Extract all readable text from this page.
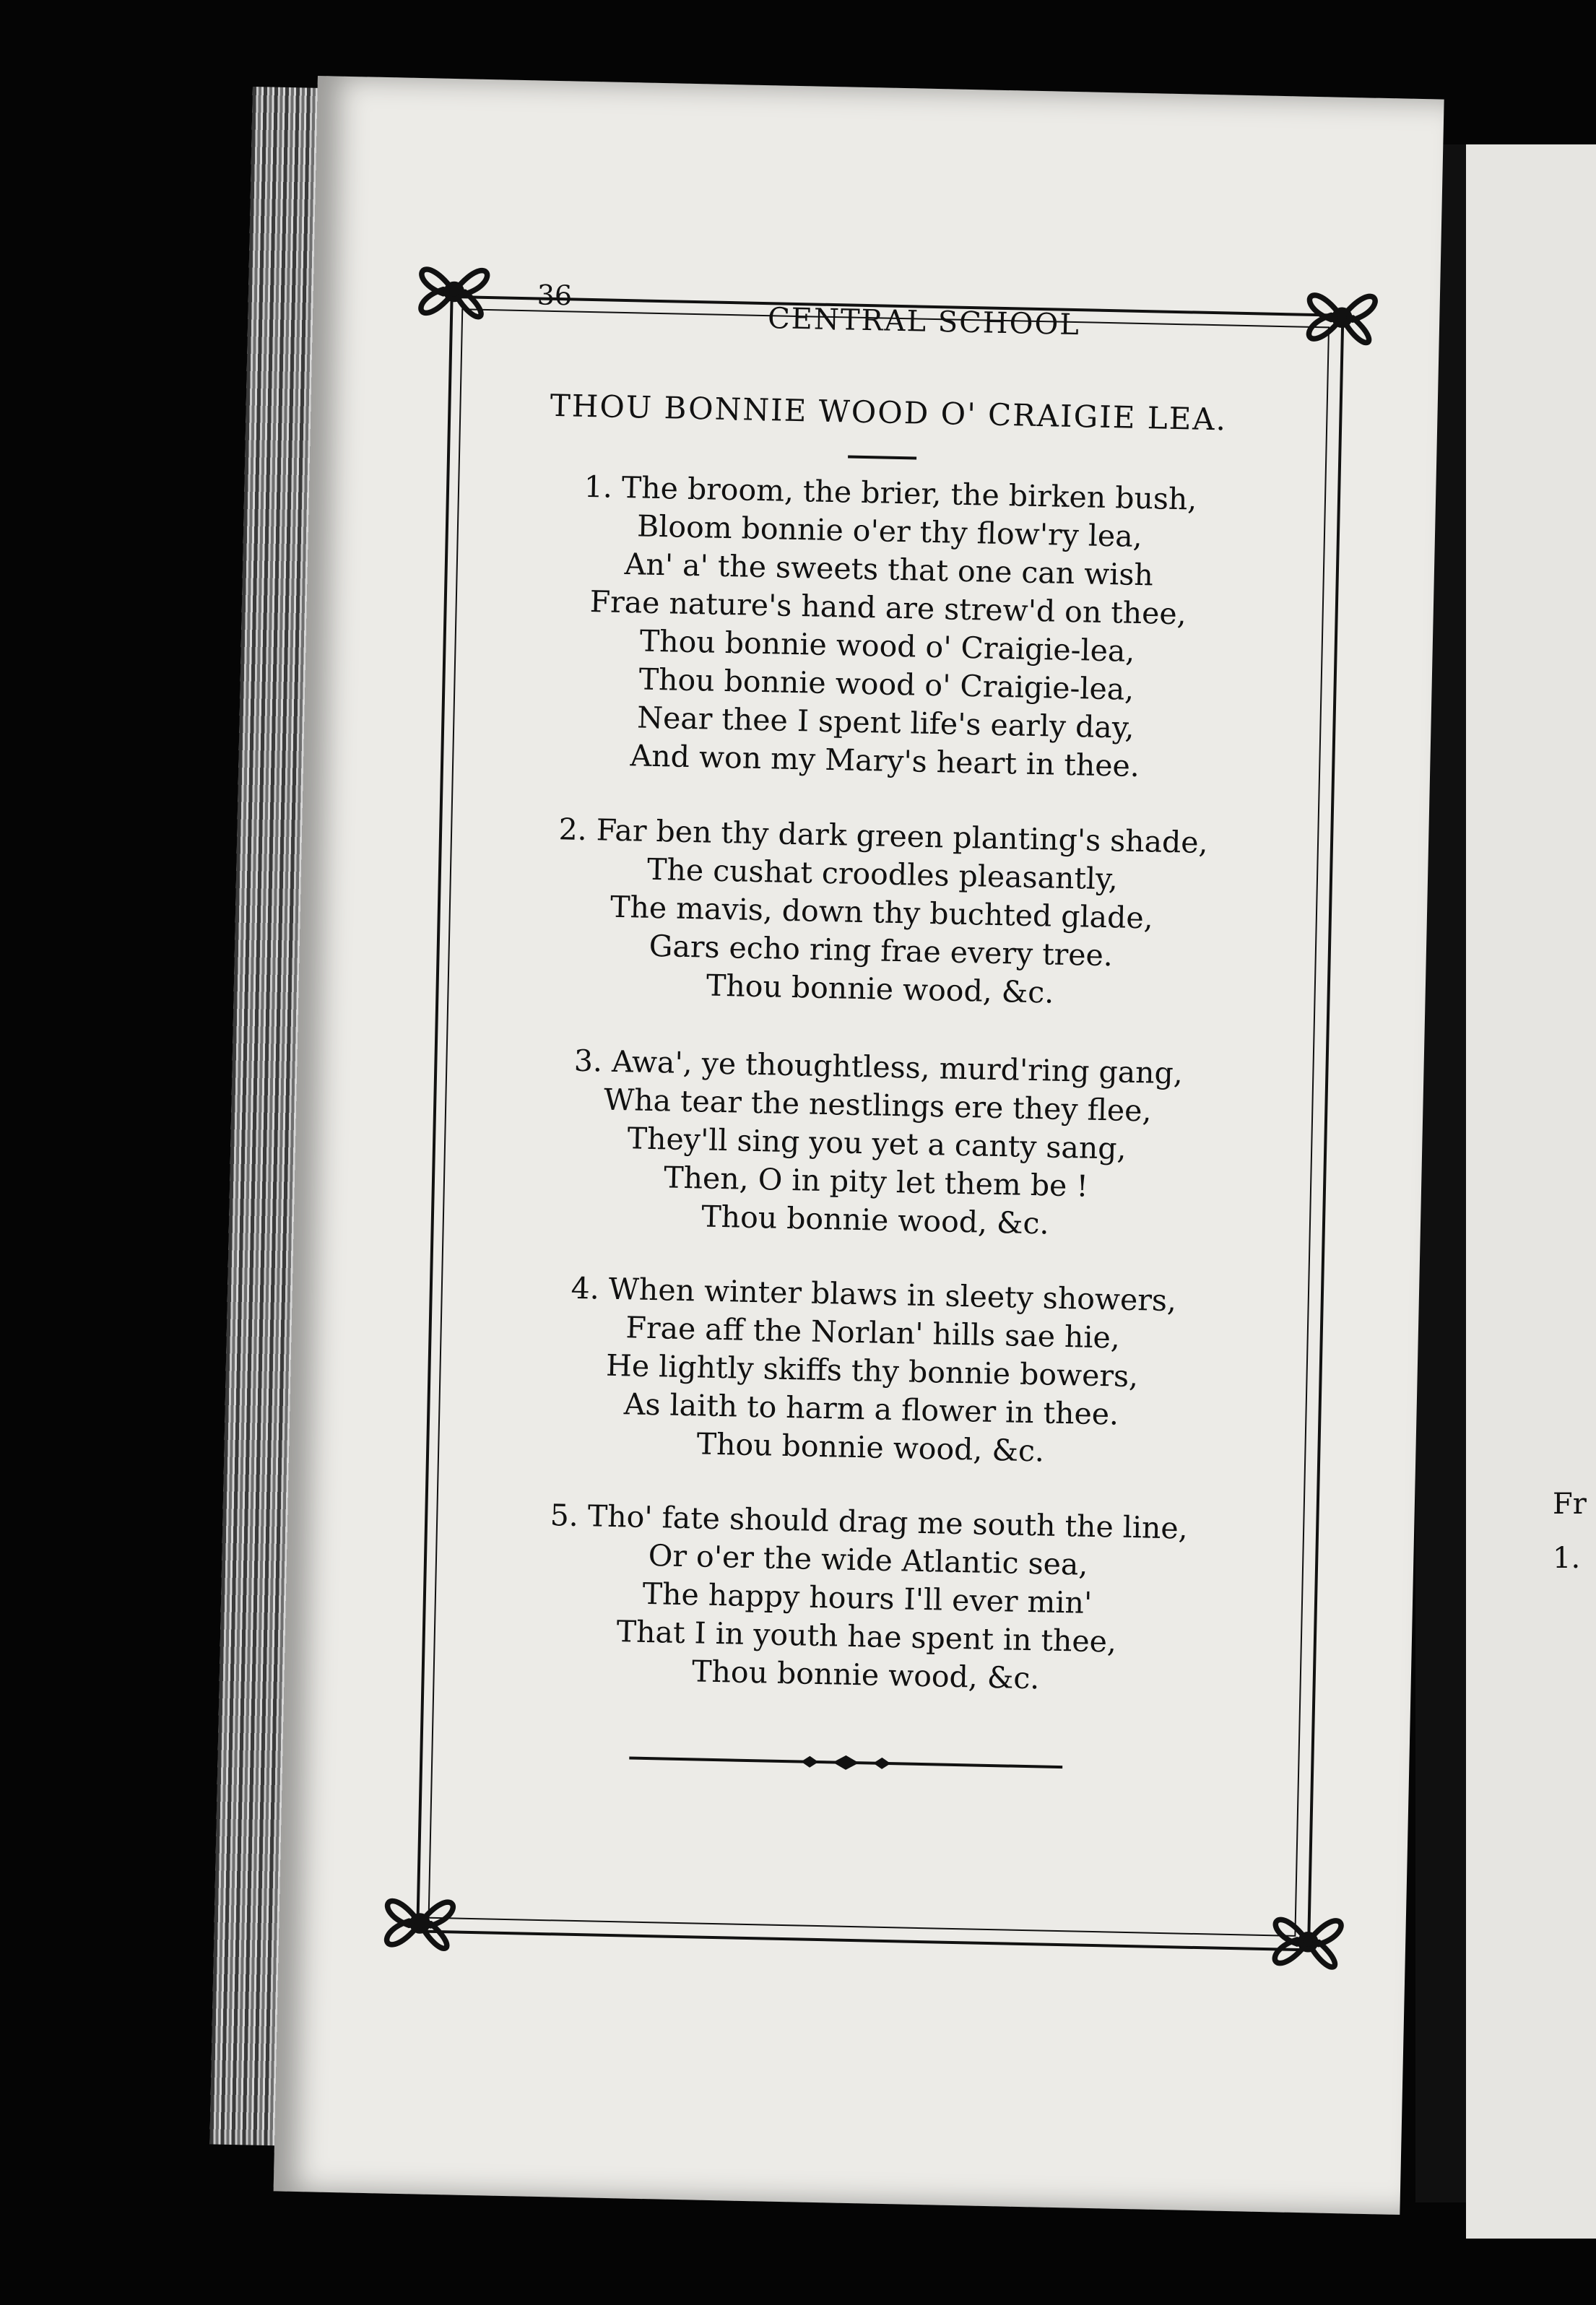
Fr
1.
36
CENTRAL SCHOOL
THOU BONNIE WOOD O' CRAIGIE LEA.
1. The broom, the brier, the birken bush,
Bloom bonnie o'er thy flow'ry lea,
An' a' the sweets that one can wish
Frae nature's hand are strew'd on thee,
Thou bonnie wood o' Craigie-lea,
Thou bonnie wood o' Craigie-lea,
Near thee I spent life's early day,
And won my Mary's heart in thee.
2. Far ben thy dark green planting's shade,
The cushat croodles pleasantly,
The mavis, down thy buchted glade,
Gars echo ring frae every tree.
Thou bonnie wood, &c.
3. Awa', ye thoughtless, murd'ring gang,
Wha tear the nestlings ere they flee,
They'll sing you yet a canty sang,
Then, O in pity let them be !
Thou bonnie wood, &c.
4. When winter blaws in sleety showers,
Frae aff the Norlan' hills sae hie,
He lightly skiffs thy bonnie bowers,
As laith to harm a flower in thee.
Thou bonnie wood, &c.
5. Tho' fate should drag me south the line,
Or o'er the wide Atlantic sea,
The happy hours I'll ever min'
That I in youth hae spent in thee,
Thou bonnie wood, &c.
